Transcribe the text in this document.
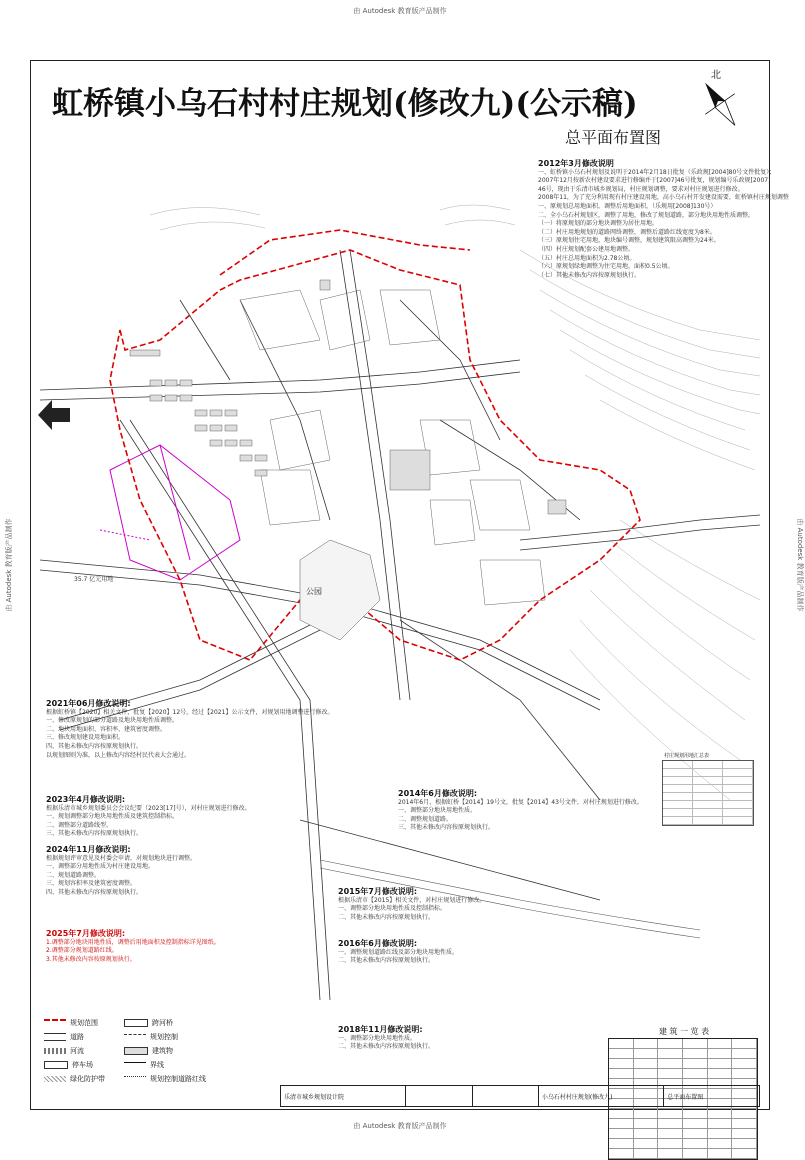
由 Autodesk 教育版产品制作
由 Autodesk 教育版产品制作	由 Autodesk 教育版产品制作
虹桥镇小乌石村村庄规划(修改九)(公示稿)
总平面布置图
北
公园
35.7 亿元用地
2012年3月修改说明
一、虹桥镇小乌石村规划及说明于2014年2月18日批复（乐政规[2004]80号文件批复）；
2007年12月按新农村建设要求进行修编并于[2007]46号批复，规划编号乐政规[2007]
46号，现由于乐清市城乡规划局，村庄规划调整，要求对村庄规划进行修改。
2008年11，为了充分利用现有村庄建设用地，高小乌石村开发建设需要，虹桥镇村庄规划调整
一、原规划总用地面积，调整后用地面积，（乐规用[2008]130号）
二、全小乌石村规划区，调整了用地，修改了规划道路，部分地块用地性质调整。
（一）将原规划的部分地块调整为居住用地。
（二）村庄用地规划的道路网络调整，调整后道路红线宽度为8米。
（三）原规划住宅用地，地块编号调整，规划建筑限高调整为24米。
（四）村庄规划配套公建用地调整。
（五）村庄总用地面积为2.78公顷。
（六）原规划绿地调整为住宅用地，面积0.5公顷。
（七）其他未修改内容按原规划执行。
2021年06月修改说明:
根据虹桥镇【2020】相关文件，批复【2020】12号，经过【2021】公示文件，对规划用地调整进行修改。
一、修改原规划的部分道路及地块用地性质调整。
二、地块用地面积、容积率、建筑密度调整。
三、修改规划建设用地面积。
四、其他未修改内容按原规划执行。
以规划图则为准，以上修改内容经村民代表大会通过。
2023年4月修改说明:
根据乐清市城乡规划委员会会议纪要（2023[17]号），对村庄规划进行修改。
一、规划调整部分地块用地性质及建筑控制指标。
二、调整部分道路线型。
三、其他未修改内容按原规划执行。
2024年11月修改说明:
根据规划评审意见及村委会申请，对规划地块进行调整。
一、调整部分用地性质为村庄建设用地。
二、规划道路调整。
三、规划容积率及建筑密度调整。
四、其他未修改内容按原规划执行。
2025年7月修改说明:
1.调整部分地块用地性质，调整后用地面积及控制指标详见图纸。
2.调整部分规划道路红线。
3.其他未修改内容按原规划执行。
2014年6月修改说明:
2014年6月，根据虹桥【2014】19号文，批复【2014】43号文件，对村庄规划进行修改。
一、调整部分地块用地性质。
二、调整规划道路。
三、其他未修改内容按原规划执行。
2015年7月修改说明:
根据乐清市【2015】相关文件，对村庄规划进行修改。
一、调整部分地块用地性质及控制指标。
二、其他未修改内容按原规划执行。
2016年6月修改说明:
一、调整规划道路红线及部分地块用地性质。
二、其他未修改内容按原规划执行。
2018年11月修改说明:
一、调整部分地块用地性质。
二、其他未修改内容按原规划执行。
村庄规划用地汇总表
建 筑 一 览 表
规划范围
道路
河流
停车场
绿化防护带
跨河桥
规划控制
建筑物
界线
规划控制道路红线
乐清市城乡规划设计院	小乌石村村庄规划(修改九)	总平面布置图
由 Autodesk 教育版产品制作
